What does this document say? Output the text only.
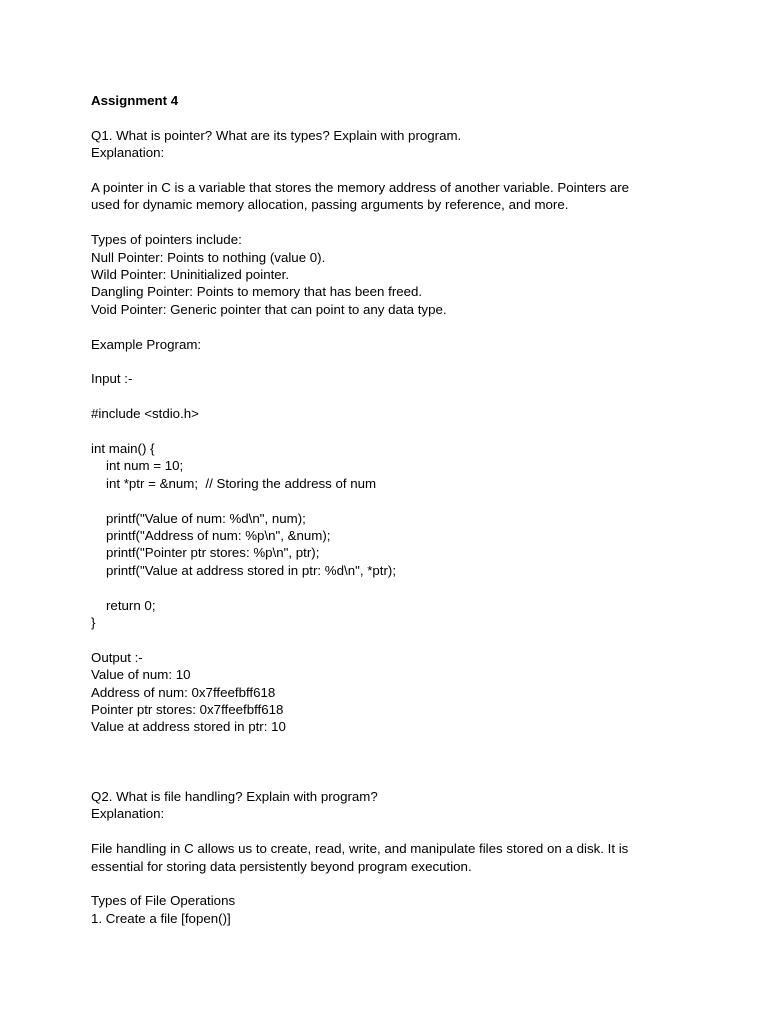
Assignment 4
Q1. What is pointer? What are its types? Explain with program.
Explanation:
A pointer in C is a variable that stores the memory address of another variable. Pointers are
used for dynamic memory allocation, passing arguments by reference, and more.
Types of pointers include:
Null Pointer: Points to nothing (value 0).
Wild Pointer: Uninitialized pointer.
Dangling Pointer: Points to memory that has been freed.
Void Pointer: Generic pointer that can point to any data type.
Example Program:
Input :-
#include <stdio.h>
int main() {
int num = 10;
int *ptr = &num;  // Storing the address of num
printf("Value of num: %d\n", num);
printf("Address of num: %p\n", &num);
printf("Pointer ptr stores: %p\n", ptr);
printf("Value at address stored in ptr: %d\n", *ptr);
return 0;
}
Output :-
Value of num: 10
Address of num: 0x7ffeefbff618
Pointer ptr stores: 0x7ffeefbff618
Value at address stored in ptr: 10
Q2. What is file handling? Explain with program?
Explanation:
File handling in C allows us to create, read, write, and manipulate files stored on a disk. It is
essential for storing data persistently beyond program execution.
Types of File Operations
1. Create a file [fopen()]
